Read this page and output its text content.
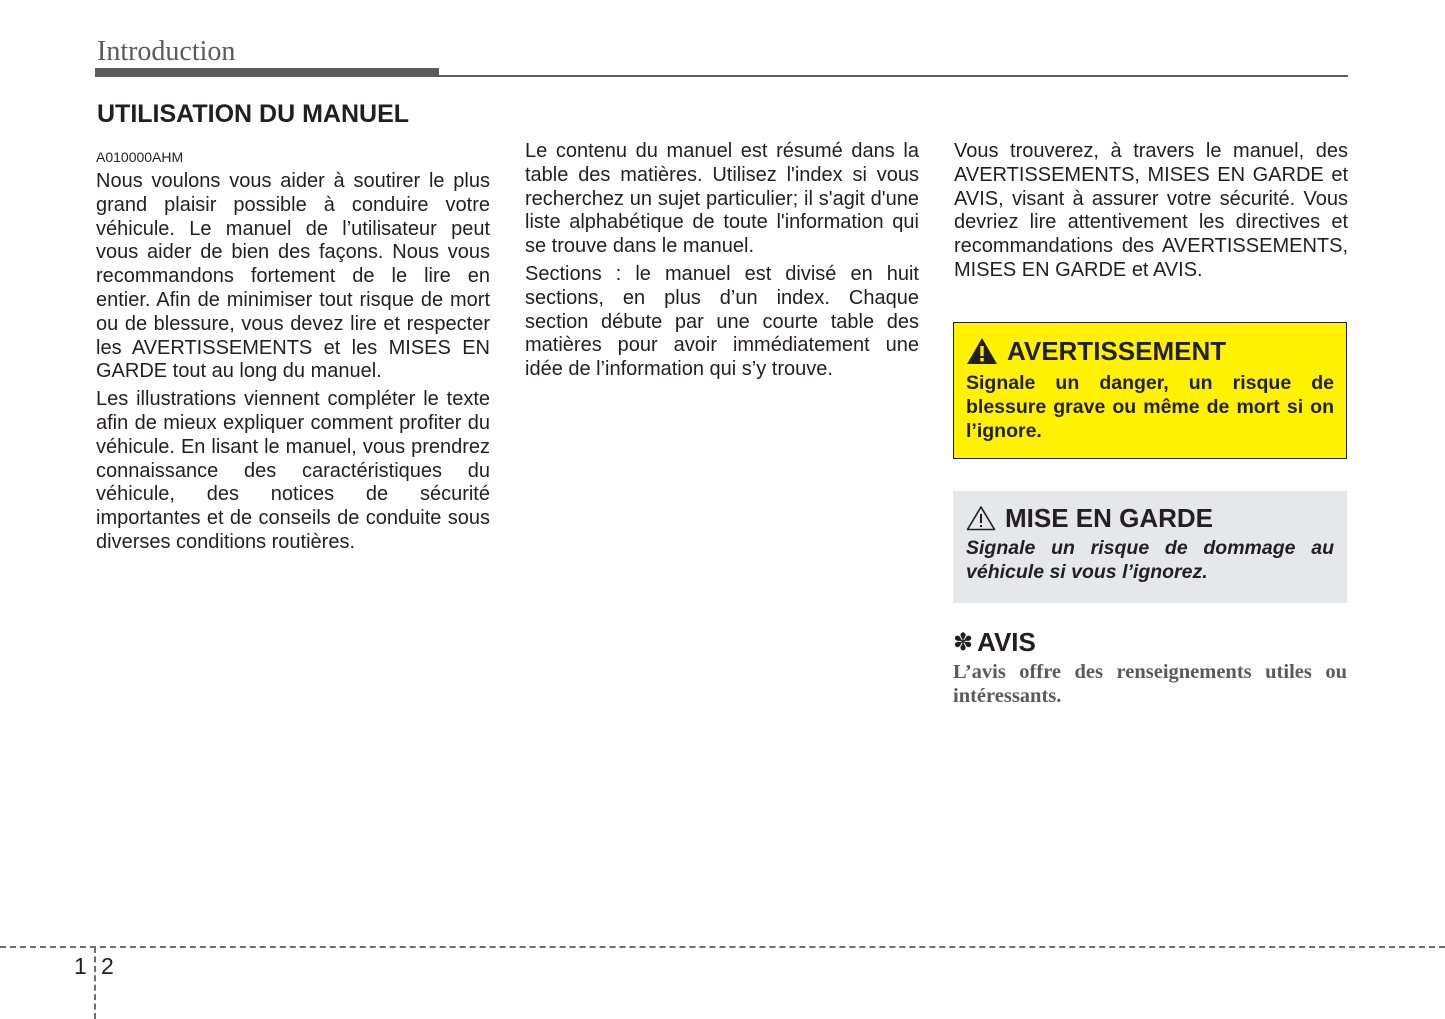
Introduction
UTILISATION DU MANUEL
A010000AHM

Nous voulons vous aider à soutirer le plus grand plaisir possible à conduire votre véhicule. Le manuel de l’utilisateur peut vous aider de bien des façons. Nous vous recommandons fortement de le lire en entier. Afin de minimiser tout risque de mort ou de blessure, vous devez lire et respecter les AVERTISSEMENTS et les MISES EN GARDE tout au long du manuel.

Les illustrations viennent compléter le texte afin de mieux expliquer comment profiter du véhicule. En lisant le manuel, vous prendrez connaissance des caractéristiques du véhicule, des notices de sécurité importantes et de conseils de conduite sous diverses conditions routières.

Le contenu du manuel est résumé dans la table des matières. Utilisez l'index si vous recherchez un sujet particulier; il s'agit d'une liste alphabétique de toute l'information qui se trouve dans le manuel.

Sections : le manuel est divisé en huit sections, en plus d’un index. Chaque section débute par une courte table des matières pour avoir immédiatement une idée de l’information qui s’y trouve.

Vous trouverez, à travers le manuel, des AVERTISSEMENTS, MISES EN GARDE et AVIS, visant à assurer votre sécurité. Vous devriez lire attentivement les directives et recommandations des AVERTISSEMENTS, MISES EN GARDE et AVIS.

AVERTISSEMENT
Signale un danger, un risque de blessure grave ou même de mort si on l’ignore.
MISE EN GARDE
Signale un risque de dommage au véhicule si vous l’ignorez.
✽ AVIS
L’avis offre des renseignements utiles ou intéressants.
1 2
